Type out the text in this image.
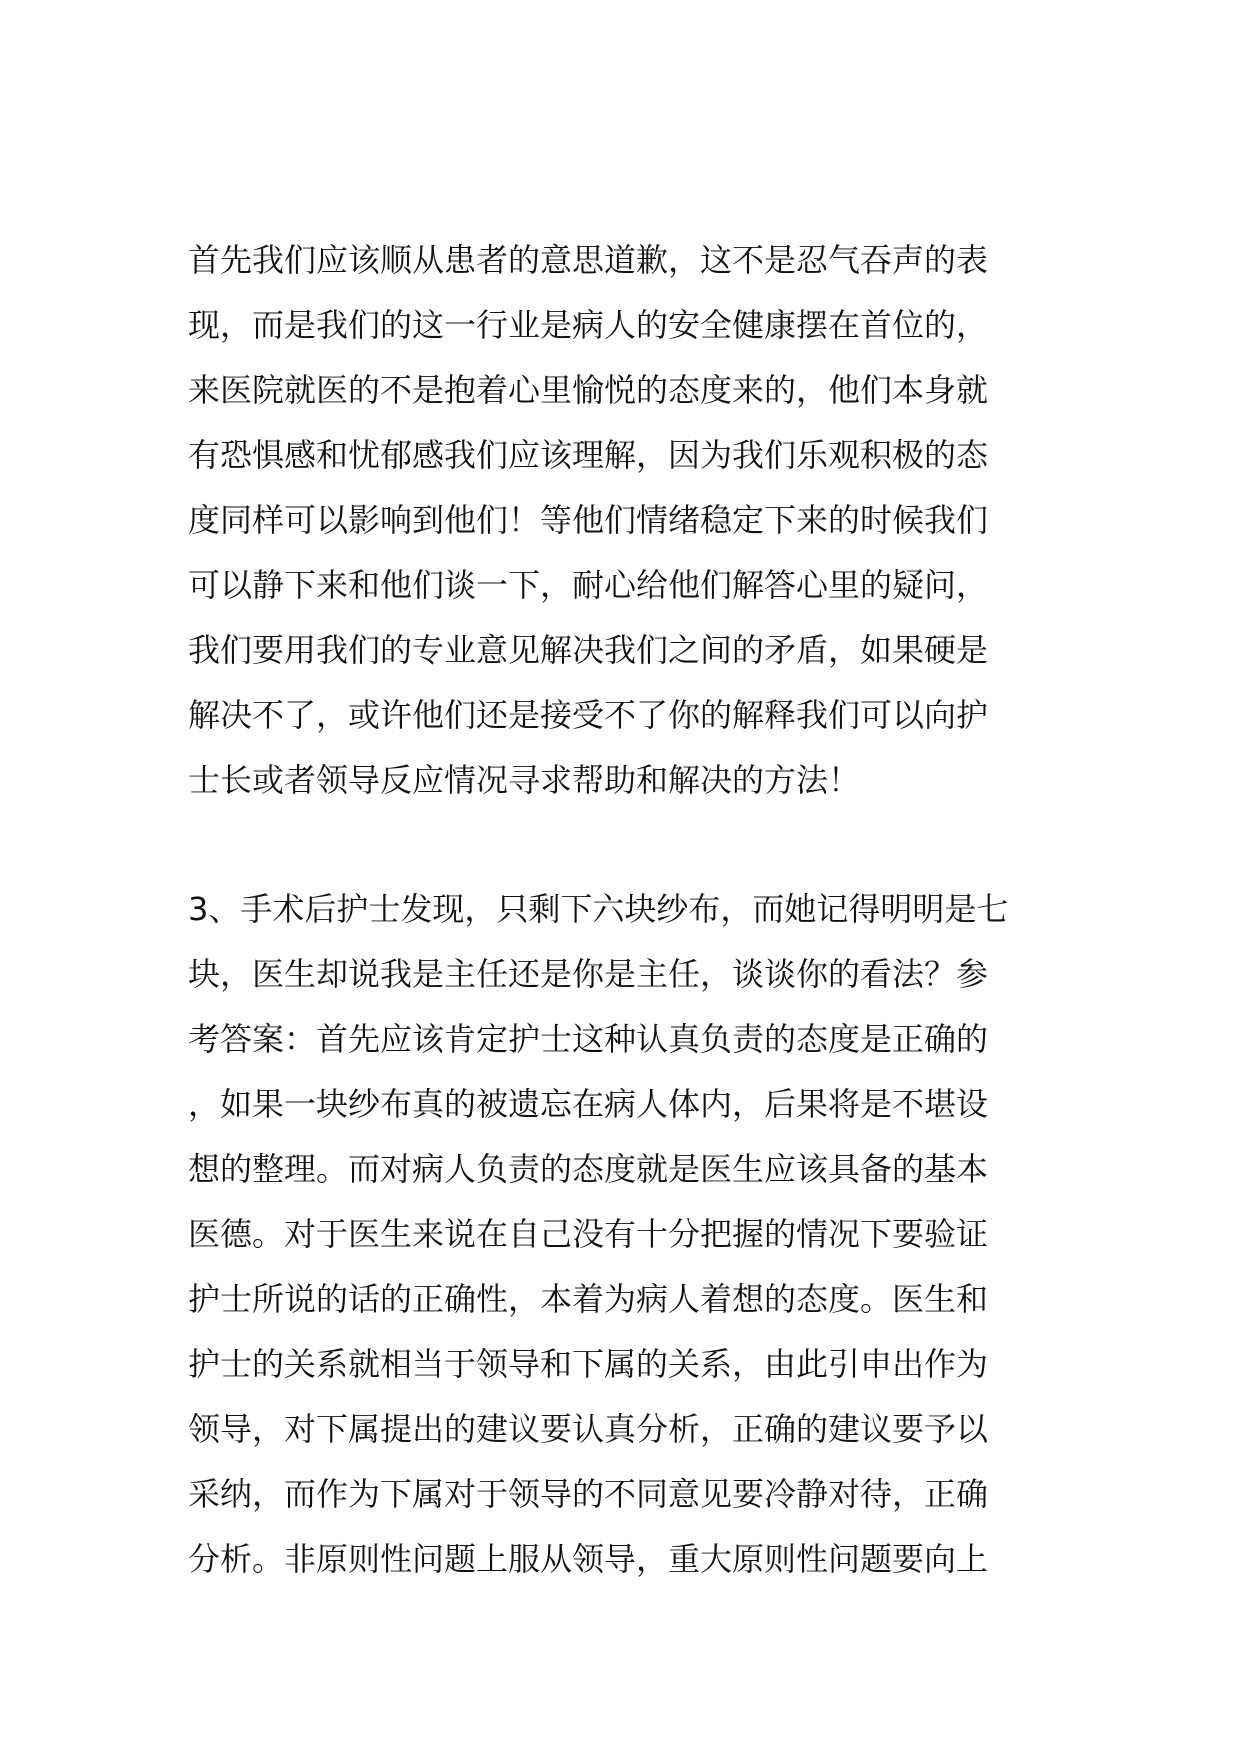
首先我们应该顺从患者的意思道歉，这不是忍气吞声的表
现，而是我们的这一行业是病人的安全健康摆在首位的，
来医院就医的不是抱着心里愉悦的态度来的，他们本身就
有恐惧感和忧郁感我们应该理解，因为我们乐观积极的态
度同样可以影响到他们！等他们情绪稳定下来的时候我们
可以静下来和他们谈一下，耐心给他们解答心里的疑问，
我们要用我们的专业意见解决我们之间的矛盾，如果硬是
解决不了，或许他们还是接受不了你的解释我们可以向护
士长或者领导反应情况寻求帮助和解决的方法！
3、手术后护士发现，只剩下六块纱布，而她记得明明是七
块，医生却说我是主任还是你是主任，谈谈你的看法？参
考答案：首先应该肯定护士这种认真负责的态度是正确的
，如果一块纱布真的被遗忘在病人体内，后果将是不堪设
想的整理。而对病人负责的态度就是医生应该具备的基本
医德。对于医生来说在自己没有十分把握的情况下要验证
护士所说的话的正确性，本着为病人着想的态度。医生和
护士的关系就相当于领导和下属的关系，由此引申出作为
领导，对下属提出的建议要认真分析，正确的建议要予以
采纳，而作为下属对于领导的不同意见要冷静对待，正确
分析。非原则性问题上服从领导，重大原则性问题要向上
